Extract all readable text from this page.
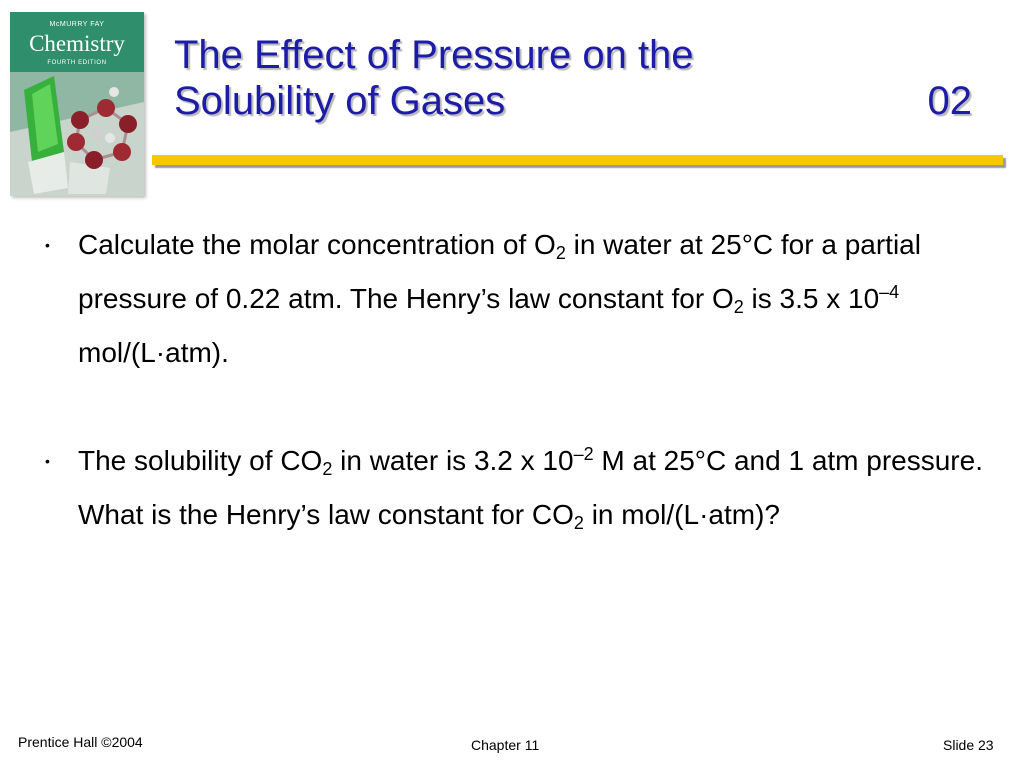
McMURRY FAY
Chemistry
FOURTH EDITION	The Effect of Pressure on the
Solubility of Gases	02
• Calculate the molar concentration of $O_2$ in water at 25°C for a partial pressure of 0.22 atm. The Henry’s law constant for $O_2$ is 3.5 x $10^{-4}$ mol/(L·atm).
• The solubility of $CO_2$ in water is 3.2 x $10^{-2}$ M at 25°C and 1 atm pressure. What is the Henry’s law constant for $CO_2$ in mol/(L·atm)?
Prentice Hall ©2004	Chapter 11	Slide 23
